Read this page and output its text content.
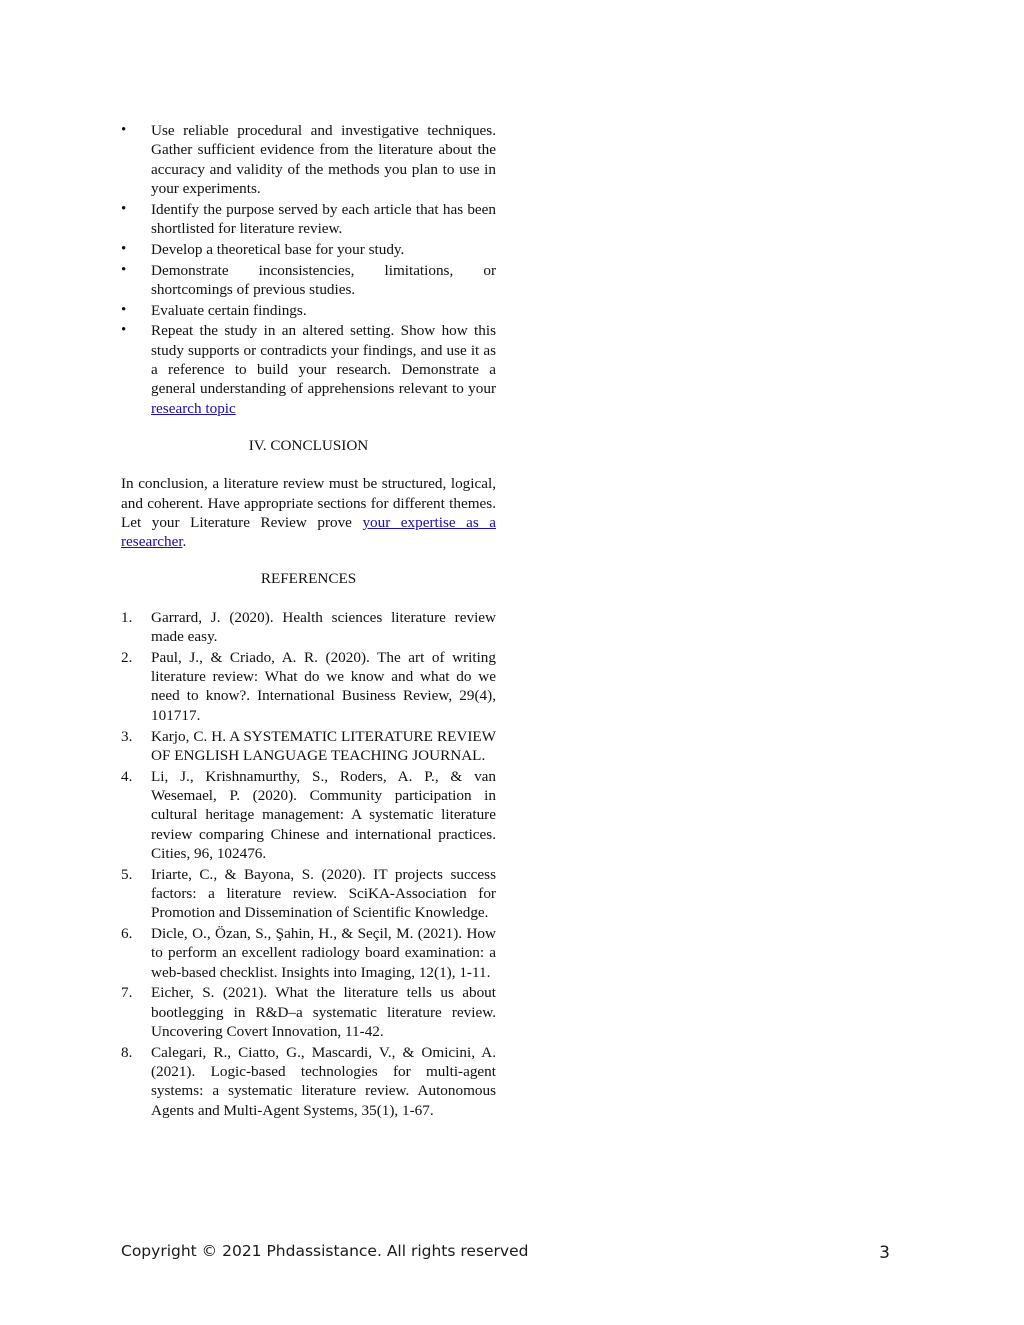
•	Use reliable procedural and investigative techniques. Gather sufficient evidence from the literature about the accuracy and validity of the methods you plan to use in your experiments.
•	Identify the purpose served by each article that has been shortlisted for literature review.
•	Develop a theoretical base for your study.
•	Demonstrate inconsistencies, limitations, or shortcomings of previous studies.
•	Evaluate certain findings.
•	Repeat the study in an altered setting. Show how this study supports or contradicts your findings, and use it as a reference to build your research. Demonstrate a general understanding of apprehensions relevant to your research topic
IV. CONCLUSION

In conclusion, a literature review must be structured, logical, and coherent. Have appropriate sections for different themes. Let your Literature Review prove your expertise as a researcher.

REFERENCES
1.	Garrard, J. (2020). Health sciences literature review made easy.
2.	Paul, J., & Criado, A. R. (2020). The art of writing literature review: What do we know and what do we need to know?. International Business Review, 29(4), 101717.
3.	Karjo, C. H. A SYSTEMATIC LITERATURE REVIEW OF ENGLISH LANGUAGE TEACHING JOURNAL.
4.	Li, J., Krishnamurthy, S., Roders, A. P., & van Wesemael, P. (2020). Community participation in cultural heritage management: A systematic literature review comparing Chinese and international practices. Cities, 96, 102476.
5.	Iriarte, C., & Bayona, S. (2020). IT projects success factors: a literature review. SciKA-Association for Promotion and Dissemination of Scientific Knowledge.
6.	Dicle, O., Özan, S., Şahin, H., & Seçil, M. (2021). How to perform an excellent radiology board examination: a web-based checklist. Insights into Imaging, 12(1), 1-11.
7.	Eicher, S. (2021). What the literature tells us about bootlegging in R&D–a systematic literature review. Uncovering Covert Innovation, 11-42.
8.	Calegari, R., Ciatto, G., Mascardi, V., & Omicini, A. (2021). Logic-based technologies for multi-agent systems: a systematic literature review. Autonomous Agents and Multi-Agent Systems, 35(1), 1-67.
Copyright © 2021 Phdassistance. All rights reserved	3
